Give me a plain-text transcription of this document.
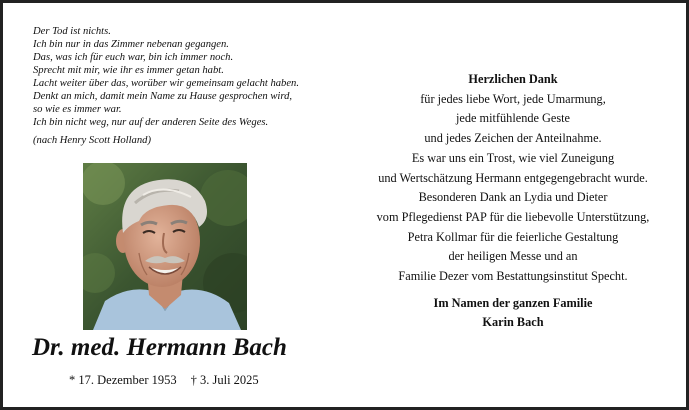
Der Tod ist nichts.
Ich bin nur in das Zimmer nebenan gegangen.
Das, was ich für euch war, bin ich immer noch.
Sprecht mit mir, wie ihr es immer getan habt.
Lacht weiter über das, worüber wir gemeinsam gelacht haben.
Denkt an mich, damit mein Name zu Hause gesprochen wird,
so wie es immer war.
Ich bin nicht weg, nur auf der anderen Seite des Weges.
(nach Henry Scott Holland)
Dr. med. Hermann Bach
* 17. Dezember 1953 † 3. Juli 2025
Herzlichen Dank
für jedes liebe Wort, jede Umarmung,
jede mitfühlende Geste
und jedes Zeichen der Anteilnahme.
Es war uns ein Trost, wie viel Zuneigung
und Wertschätzung Hermann entgegengebracht wurde.
Besonderen Dank an Lydia und Dieter
vom Pflegedienst PAP für die liebevolle Unterstützung,
Petra Kollmar für die feierliche Gestaltung
der heiligen Messe und an
Familie Dezer vom Bestattungsinstitut Specht.
Im Namen der ganzen Familie
Karin Bach
